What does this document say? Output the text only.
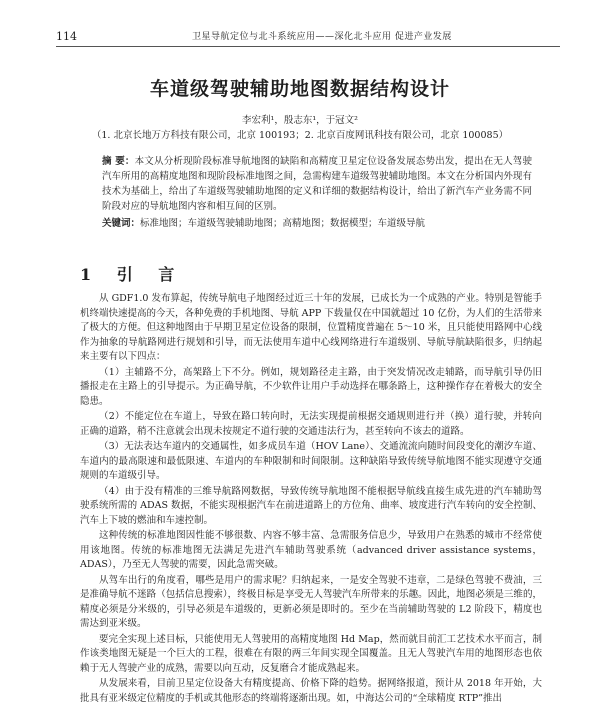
114	卫星导航定位与北斗系统应用——深化北斗应用 促进产业发展
车道级驾驶辅助地图数据结构设计
李宏利¹，殷志东¹，于冠文²
（1. 北京长地万方科技有限公司，北京 100193；2. 北京百度网讯科技有限公司，北京 100085）
摘 要：本文从分析现阶段标准导航地图的缺陷和高精度卫星定位设备发展态势出发，提出在无人驾驶汽车所用的高精度地图和现阶段标准地图之间，急需构建车道级驾驶辅助地图。本文在分析国内外现有技术为基础上，给出了车道级驾驶辅助地图的定义和详细的数据结构设计，给出了新汽车产业务需不同阶段对应的导航地图内容和相互间的区别。
关键词：标准地图；车道级驾驶辅助地图；高精地图；数据模型；车道级导航
1 引 言

从 GDF1.0 发布算起，传统导航电子地图经过近三十年的发展，已成长为一个成熟的产业。特别是智能手机终端快速提高的今天，各种免费的手机地图、导航 APP 下载量仅在中国就超过 10 亿份，为人们的生活带来了极大的方便。但这种地图由于早期卫星定位设备的限制，位置精度普遍在 5～10 米，且只能使用路网中心线作为抽象的导航路网进行规划和引导，而无法使用车道中心线网络进行车道级别、导航导航缺陷很多，归纳起来主要有以下四点：

（1）主辅路不分，高架路上下不分。例如，规划路径走主路，由于突发情况改走辅路，而导航引导仍旧播报走在主路上的引导提示。为正确导航，不少软件让用户手动选择在哪条路上，这种操作存在着极大的安全隐患。

（2）不能定位在车道上，导致在路口转向时，无法实现提前根据交通规则进行并（换）道行驶，并转向正确的道路，稍不注意就会出现未按规定不道行驶的交通违法行为，甚至转向不该去的道路。

（3）无法表达车道内的交通属性，如多成员车道（HOV Lane）、交通流流向随时间段变化的潮汐车道、车道内的最高限速和最低限速、车道内的车种限制和时间限制。这种缺陷导致传统导航地图不能实现遵守交通规则的车道级引导。

（4）由于没有精准的三维导航路网数据，导致传统导航地图不能根据导航线直接生成先进的汽车辅助驾驶系统所需的 ADAS 数据，不能实现根据汽车在前进道路上的方位角、曲率、坡度进行汽车转向的安全控制、汽车上下坡的燃油和车速控制。

这种传统的标准地图因性能不够很数、内容不够丰富、急需服务信息少，导致用户在熟悉的城市不经常使用该地图。传统的标准地图无法满足先进汽车辅助驾驶系统（advanced driver assistance systems，ADAS），乃至无人驾驶的需要，因此急需突破。

从驾车出行的角度看，哪些是用户的需求呢？归纳起来，一是安全驾驶不违章，二是绿色驾驶不费油，三是准确导航不迷路（包括信息搜索），终极目标是享受无人驾驶汽车所带来的乐趣。因此，地图必须是三维的，精度必须是分米级的，引导必须是车道级的，更新必须是即时的。至少在当前辅助驾驶的 L2 阶段下，精度也需达到亚米级。

要完全实现上述目标，只能使用无人驾驶用的高精度地图 Hd Map，然而就目前汇工艺技术水平而言，制作该类地图无疑是一个巨大的工程，很难在有限的两三年间实现全国覆盖。且无人驾驶汽车用的地图形态也依赖于无人驾驶产业的成熟，需要以向互动，反复磨合才能成熟起来。

从发展来看，目前卫星定位设备大有精度提高、价格下降的趋势。据网络报道，预计从 2018 年开始，大批具有亚米级定位精度的手机或其他形态的终端将逐渐出现。如，中海达公司的“全球精度 RTP”推出
